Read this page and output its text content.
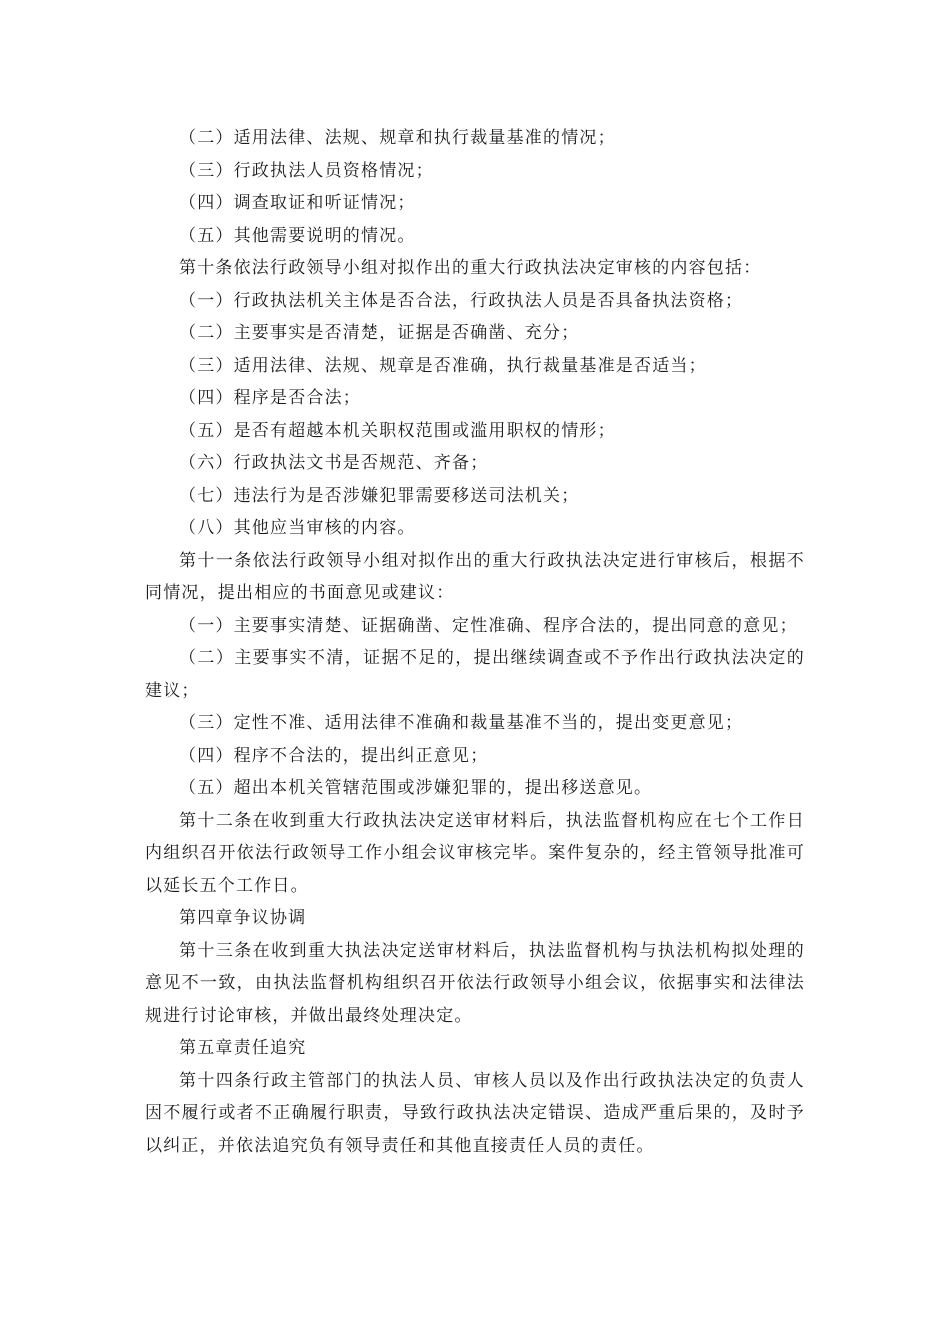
（二）适用法律、法规、规章和执行裁量基准的情况；

（三）行政执法人员资格情况；

（四）调查取证和听证情况；

（五）其他需要说明的情况。

第十条依法行政领导小组对拟作出的重大行政执法决定审核的内容包括：

（一）行政执法机关主体是否合法，行政执法人员是否具备执法资格；

（二）主要事实是否清楚，证据是否确凿、充分；

（三）适用法律、法规、规章是否准确，执行裁量基准是否适当；

（四）程序是否合法；

（五）是否有超越本机关职权范围或滥用职权的情形；

（六）行政执法文书是否规范、齐备；

（七）违法行为是否涉嫌犯罪需要移送司法机关；

（八）其他应当审核的内容。

第十一条依法行政领导小组对拟作出的重大行政执法决定进行审核后，根据不同情况，提出相应的书面意见或建议：

（一）主要事实清楚、证据确凿、定性准确、程序合法的，提出同意的意见；

（二）主要事实不清，证据不足的，提出继续调查或不予作出行政执法决定的建议；

（三）定性不准、适用法律不准确和裁量基准不当的，提出变更意见；

（四）程序不合法的，提出纠正意见；

（五）超出本机关管辖范围或涉嫌犯罪的，提出移送意见。

第十二条在收到重大行政执法决定送审材料后，执法监督机构应在七个工作日内组织召开依法行政领导工作小组会议审核完毕。案件复杂的，经主管领导批准可以延长五个工作日。

第四章争议协调

第十三条在收到重大执法决定送审材料后，执法监督机构与执法机构拟处理的意见不一致，由执法监督机构组织召开依法行政领导小组会议，依据事实和法律法规进行讨论审核，并做出最终处理决定。

第五章责任追究

第十四条行政主管部门的执法人员、审核人员以及作出行政执法决定的负责人因不履行或者不正确履行职责，导致行政执法决定错误、造成严重后果的，及时予以纠正，并依法追究负有领导责任和其他直接责任人员的责任。
